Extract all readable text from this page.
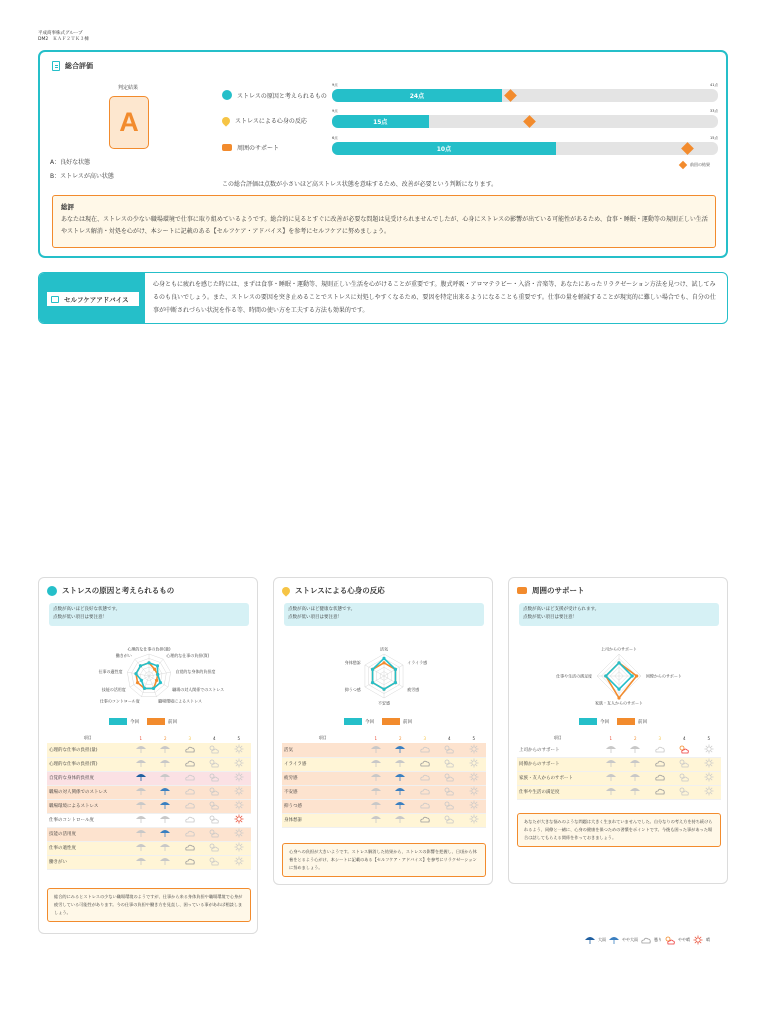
平成商事株式グループ
DM2　ＫＡＦ２ＴＫ３棟
総合評価
判定結果
A
A：良好な状態
B：ストレスが高い状態
ストレスの原因と考えられるもの
9点	41点
24点
ストレスによる心身の反応
9点	33点
15点
周囲のサポート
6点	15点
10点
前回の結果
この総合評価は点数が小さいほど高ストレス状態を意味するため、改善が必要という判断になります。
総評
あなたは現在、ストレスの少ない職場環境で仕事に取り組めているようです。総合的に見るとすぐに改善が必要な問題は見受けられませんでしたが、心身にストレスの影響が出ている可能性があるため、食事・睡眠・運動等の規則正しい生活やストレス解消・対処を心がけ、本シートに記載のある【セルフケア・アドバイス】を参考にセルフケアに努めましょう。
セルフケアアドバイス
心身ともに疲れを感じた時には、まずは食事・睡眠・運動等、規則正しい生活を心がけることが重要です。腹式呼吸・アロマテラピー・入浴・音楽等、あなたにあったリラクゼーション方法を見つけ、試してみるのも良いでしょう。また、ストレスの要因を突き止めることでストレスに対処しやすくなるため、要因を特定出来るようになることも重要です。仕事の量を軽減することが現実的に難しい場合でも、自分の仕事が中断されづらい状況を作る等、時間の使い方を工夫する方法も効果的です。
ストレスの原因と考えられるもの
点数が高いほど良好な状態です。
点数が低い項目は要注意！
心理的な仕事の負担(量)
心理的な仕事の負担(質)
自覚的な身体的負担度
職場の対人関係でのストレス
職場環境によるストレス
仕事のコントロール度
技能の活用度
仕事の適性度
働きがい
今回	前回
項目	1	2	3	4	5
心理的な仕事の負担(量)					
心理的な仕事の負担(質)					
自覚的な身体的負担度					
職場の対人関係でのストレス					
職場環境によるストレス					
仕事のコントロール度					
技能の活用度					
仕事の適性度					
働きがい					
総合的にみるとストレスの少ない職場環境のようですが、仕事から来る身体負担や職場環境で心身が疲労している可能性があります。今の仕事の負担や働き方を見直し、困っている事があれば相談しましょう。
ストレスによる心身の反応
点数が高いほど健康な状態です。
点数が低い項目は要注意！
活気
イライラ感
疲労感
不安感
抑うつ感
身体愁訴
今回	前回
項目	1	2	3	4	5
活気					
イライラ感					
疲労感					
不安感					
抑うつ感					
身体愁訴					
心身への負担が大きいようです。ストレス解消した結果から、ストレスの影響を把握し、日頃から休養をとるよう心がけ、本シートに記載のある【セルフケア・アドバイス】を参考にリラクゼーションに努めましょう。
周囲のサポート
点数が高いほど支援が受けられます。
点数が低い項目は要注意！
上司からのサポート
同僚からのサポート
家族・友人からのサポート
仕事や生活の満足度
今回	前回
項目	1	2	3	4	5
上司からのサポート					
同僚からのサポート					
家族・友人からのサポート					
仕事や生活の満足度					
あなたが大きな悩みのような問題は大きく生まれていませんでした。自分なりの考え方を持ち続けられるよう、同僚と一緒に、心身の健康を保つための習慣をポイントです。今後も困った事があった場合は話してもらえる関係を作っておきましょう。
大雨	やや大雨	曇り	やや晴	晴
